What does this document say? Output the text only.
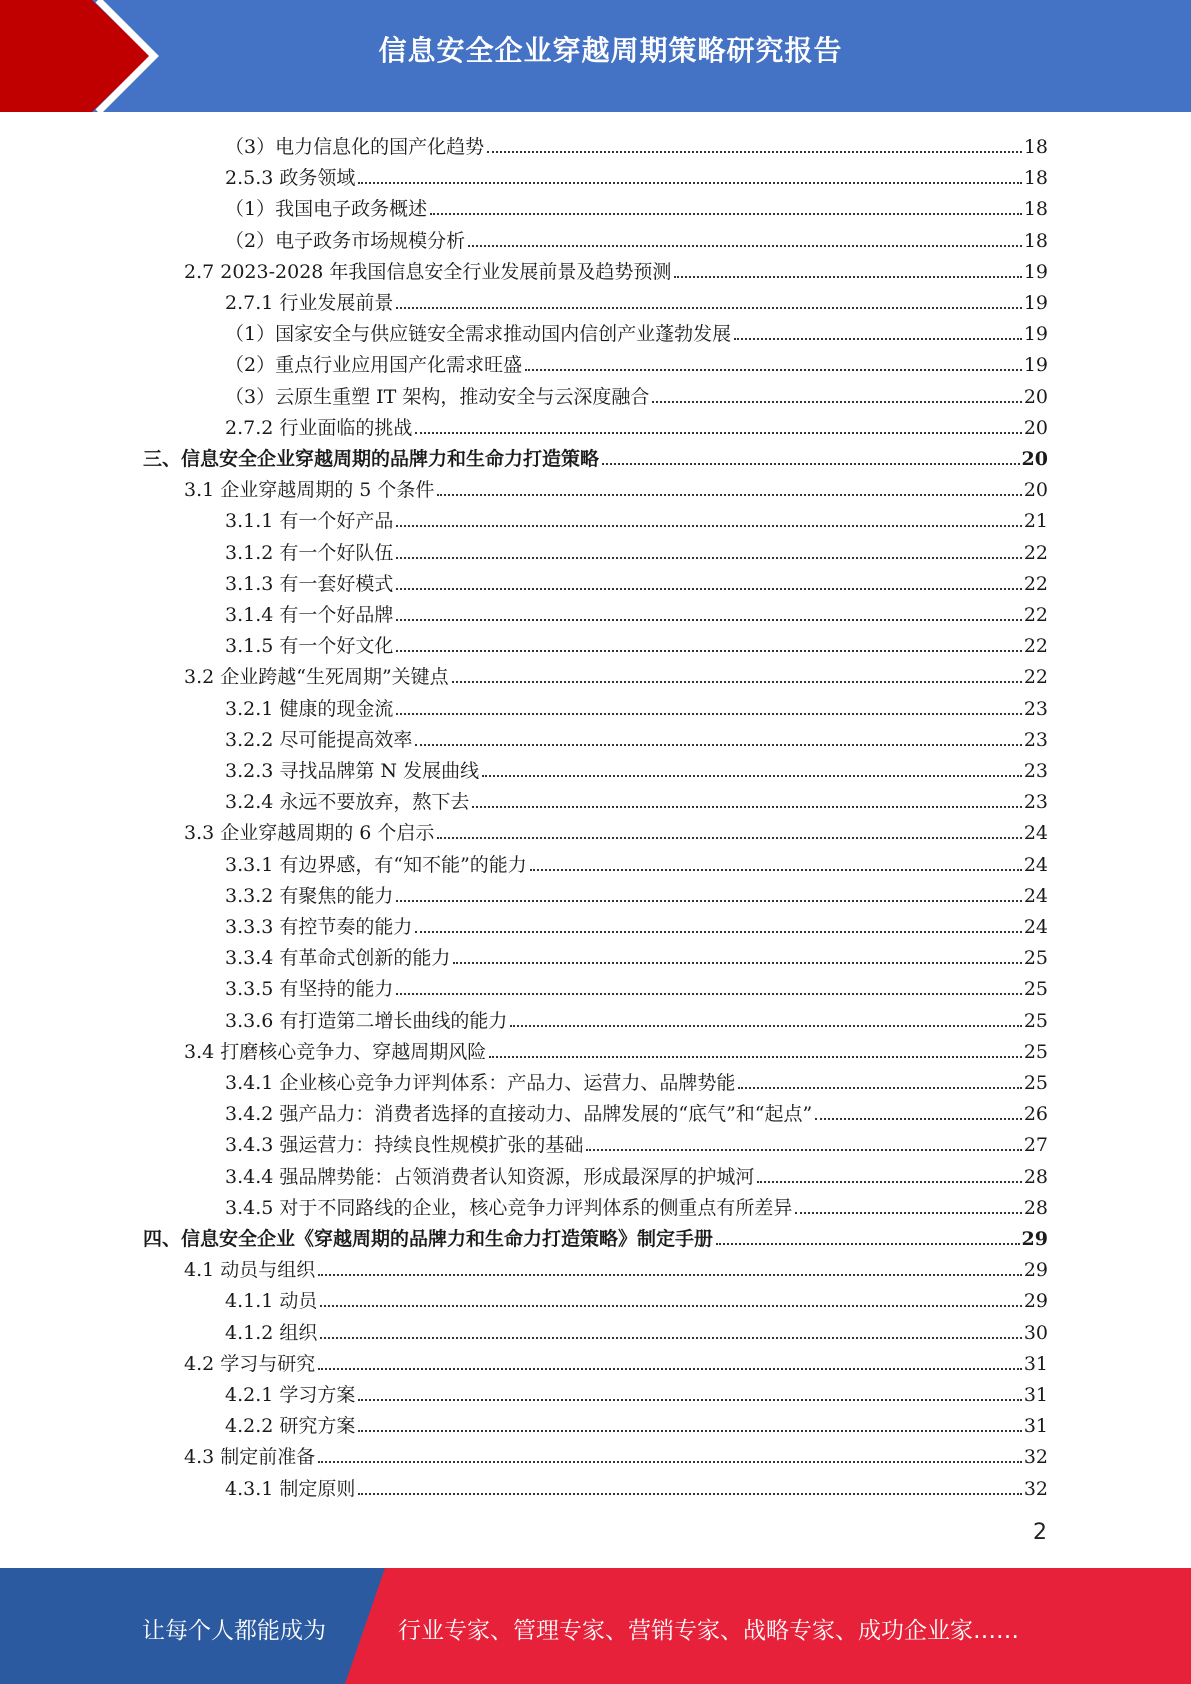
信息安全企业穿越周期策略研究报告
（3）电力信息化的国产化趋势	18
2.5.3 政务领域	18
（1）我国电子政务概述	18
（2）电子政务市场规模分析	18
2.7 2023-2028 年我国信息安全行业发展前景及趋势预测	19
2.7.1 行业发展前景	19
（1）国家安全与供应链安全需求推动国内信创产业蓬勃发展	19
（2）重点行业应用国产化需求旺盛	19
（3）云原生重塑 IT 架构，推动安全与云深度融合	20
2.7.2 行业面临的挑战	20
三、信息安全企业穿越周期的品牌力和生命力打造策略	20
3.1 企业穿越周期的 5 个条件	20
3.1.1 有一个好产品	21
3.1.2 有一个好队伍	22
3.1.3 有一套好模式	22
3.1.4 有一个好品牌	22
3.1.5 有一个好文化	22
3.2 企业跨越“生死周期”关键点	22
3.2.1 健康的现金流	23
3.2.2 尽可能提高效率	23
3.2.3 寻找品牌第 N 发展曲线	23
3.2.4 永远不要放弃，熬下去	23
3.3 企业穿越周期的 6 个启示	24
3.3.1 有边界感，有“知不能”的能力	24
3.3.2 有聚焦的能力	24
3.3.3 有控节奏的能力	24
3.3.4 有革命式创新的能力	25
3.3.5 有坚持的能力	25
3.3.6 有打造第二增长曲线的能力	25
3.4 打磨核心竞争力、穿越周期风险	25
3.4.1 企业核心竞争力评判体系：产品力、运营力、品牌势能	25
3.4.2 强产品力：消费者选择的直接动力、品牌发展的“底气”和“起点”	26
3.4.3 强运营力：持续良性规模扩张的基础	27
3.4.4 强品牌势能：占领消费者认知资源，形成最深厚的护城河	28
3.4.5 对于不同路线的企业，核心竞争力评判体系的侧重点有所差异	28
四、信息安全企业《穿越周期的品牌力和生命力打造策略》制定手册	29
4.1 动员与组织	29
4.1.1 动员	29
4.1.2 组织	30
4.2 学习与研究	31
4.2.1 学习方案	31
4.2.2 研究方案	31
4.3 制定前准备	32
4.3.1 制定原则	32
2
让每个人都能成为	行业专家、管理专家、营销专家、战略专家、成功企业家……
